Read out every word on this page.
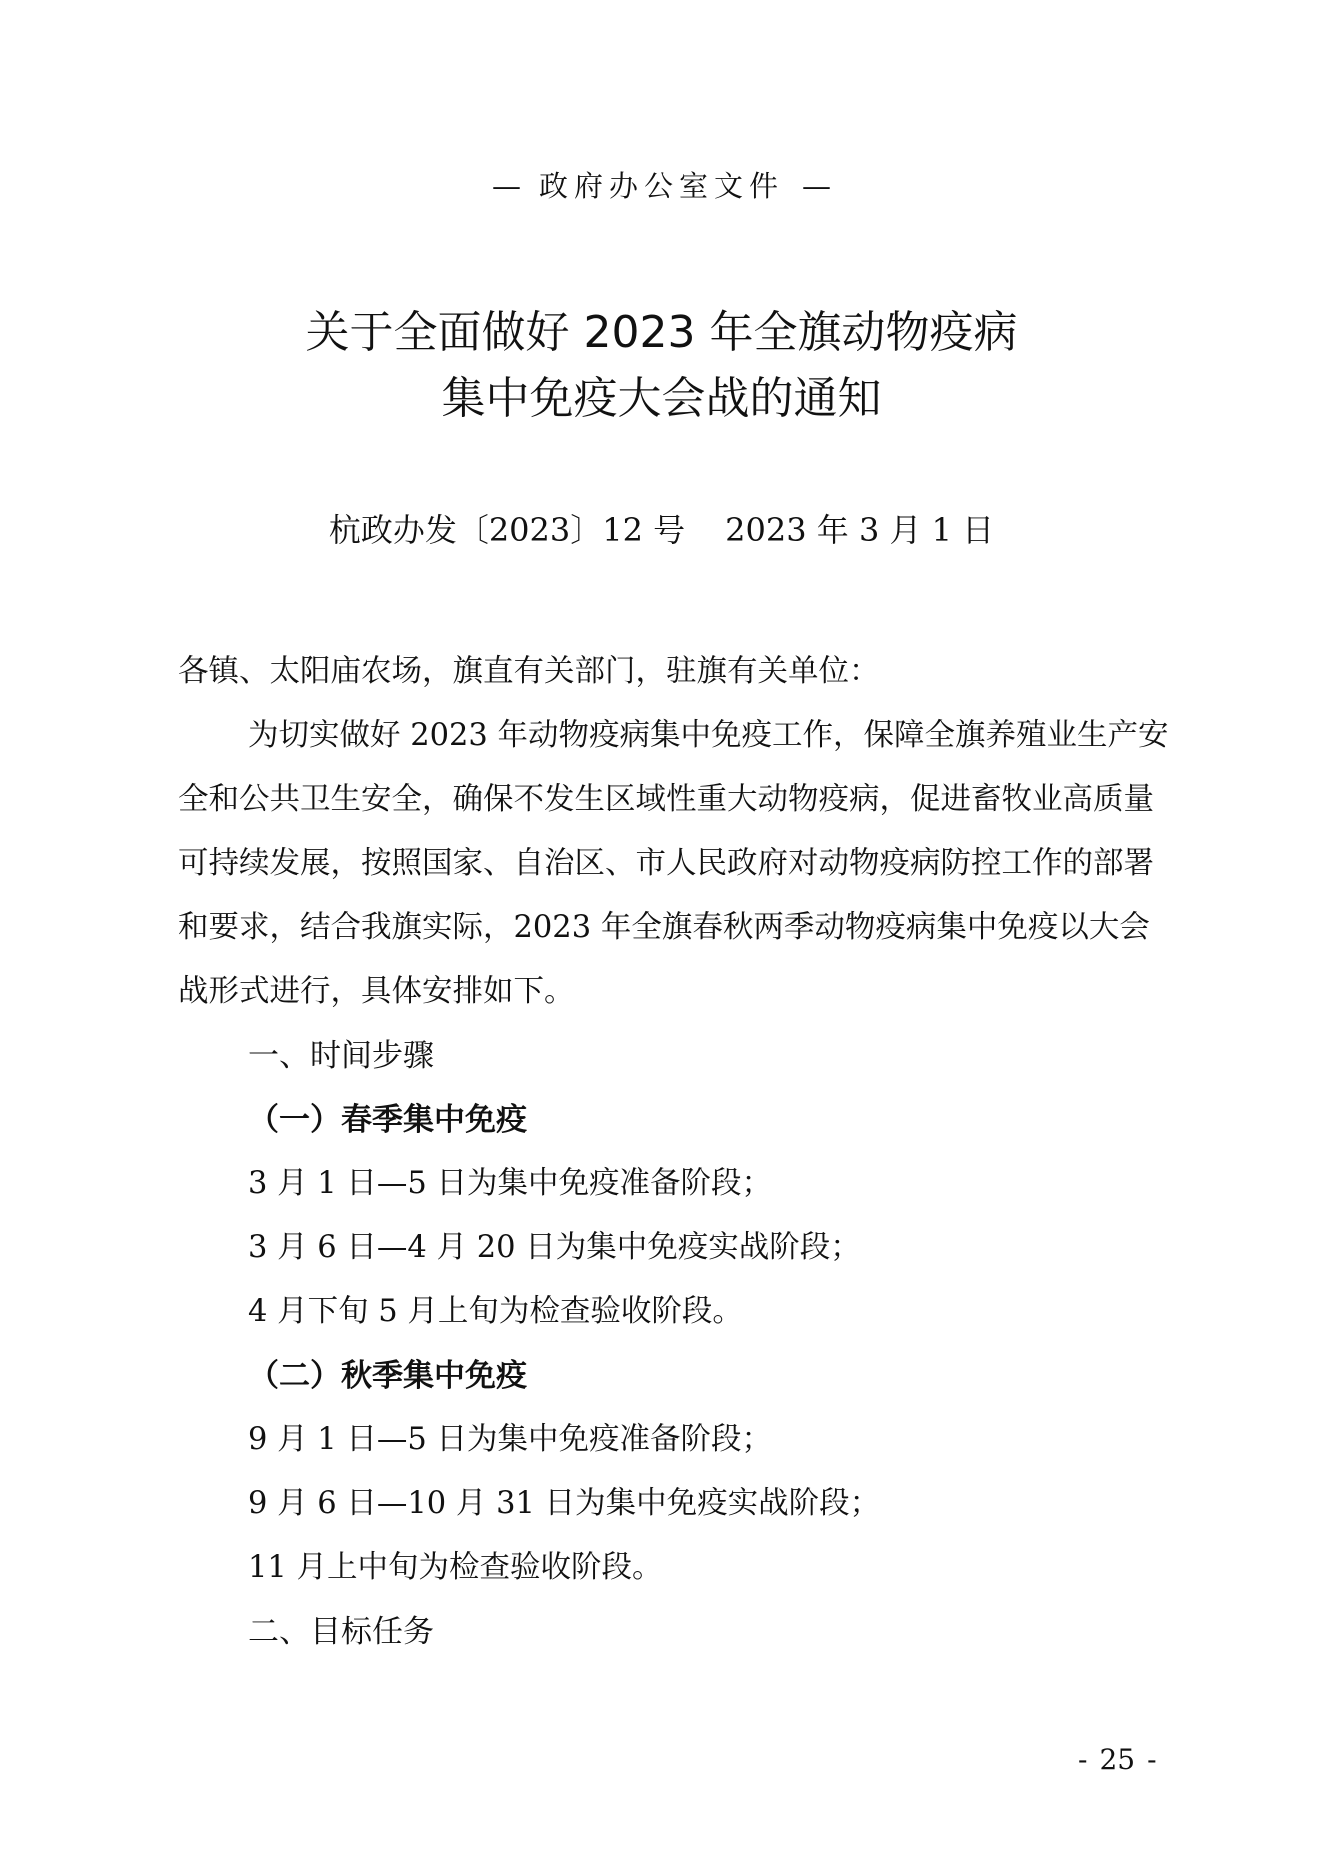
— 政府办公室文件 —
关于全面做好 2023 年全旗动物疫病
集中免疫大会战的通知
杭政办发〔2023〕12 号 2023 年 3 月 1 日

各镇、太阳庙农场，旗直有关部门，驻旗有关单位：

为切实做好 2023 年动物疫病集中免疫工作，保障全旗养殖业生产安

全和公共卫生安全，确保不发生区域性重大动物疫病，促进畜牧业高质量

可持续发展，按照国家、自治区、市人民政府对动物疫病防控工作的部署

和要求，结合我旗实际，2023 年全旗春秋两季动物疫病集中免疫以大会

战形式进行，具体安排如下。

一、时间步骤

（一）春季集中免疫

3 月 1 日—5 日为集中免疫准备阶段；

3 月 6 日—4 月 20 日为集中免疫实战阶段；

4 月下旬 5 月上旬为检查验收阶段。

（二）秋季集中免疫

9 月 1 日—5 日为集中免疫准备阶段；

9 月 6 日—10 月 31 日为集中免疫实战阶段；

11 月上中旬为检查验收阶段。

二、目标任务

- 25 -
